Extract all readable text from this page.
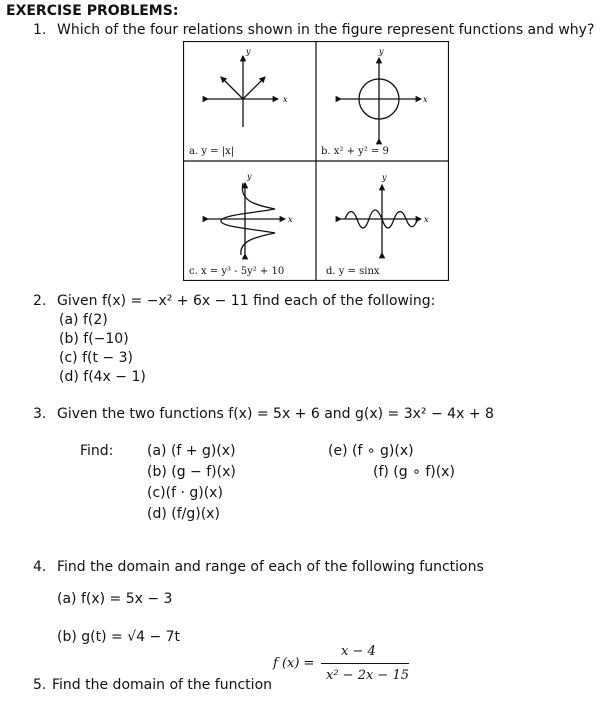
EXERCISE PROBLEMS:
1. Which of the four relations shown in the figure represent functions and why?
y
x
y
x
y
x
y
x
a. y = |x|	b. x² + y² = 9
c. x = y³ - 5y² + 10	d. y = sinx
2. Given f(x) = −x² + 6x − 11 find each of the following:
(a) f(2)
(b) f(−10)
(c) f(t − 3)
(d) f(4x − 1)
3. Given the two functions f(x) = 5x + 6 and g(x) = 3x² − 4x + 8
Find: (a) (f + g)(x)
(b) (g − f)(x)
(c)(f · g)(x)
(d) (f/g)(x)
(e) (f ∘ g)(x)
(f) (g ∘ f)(x)
4. Find the domain and range of each of the following functions
(a) f(x) = 5x − 3
(b) g(t) = √4 − 7t
5. Find the domain of the function
f (x) =
x − 4
x² − 2x − 15
